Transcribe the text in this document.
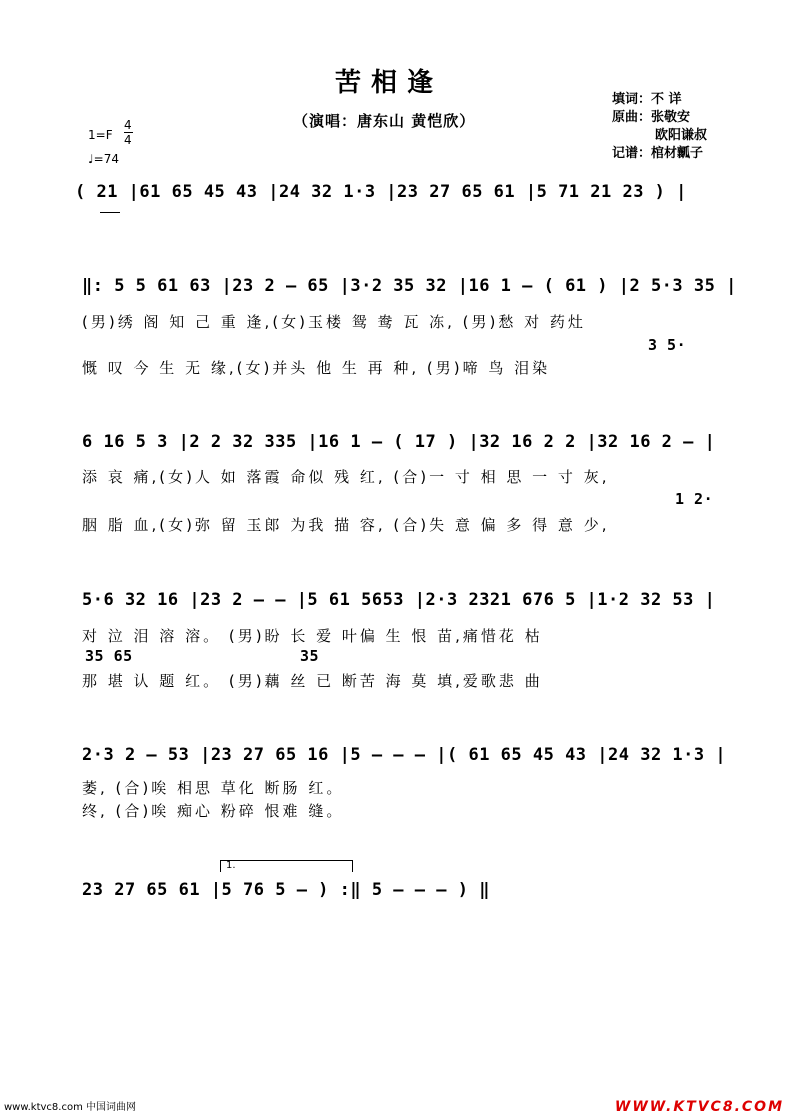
苦相逢
（演唱：唐东山 黄恺欣）
填词：不 详
原曲：张敬安
欧阳谦叔
记谱：棺材瓤子
1=F
4
4
♩=74
( 21 |61 65 45 43 |24 32 1·3 |23 27 65 61 |5 71 21 23 ) |
‖: 5 5 61 63 |23 2 – 65 |3·2 35 32 |16 1 – ( 61 ) |2 5·3 35 |
(男)绣 阁 知 己 重 逢,(女)玉楼 鸳 鸯 瓦 冻, (男)愁 对 药灶
3 5·
慨 叹 今 生 无 缘,(女)并头 他 生 再 种, (男)啼 鸟 泪染
6 16 5 3 |2 2 32 335 |16 1 – ( 17 ) |32 16 2 2 |32 16 2 – |
添 哀 痛,(女)人 如 落霞 命似 残 红, (合)一 寸 相 思 一 寸 灰,
1 2·
胭 脂 血,(女)弥 留 玉郎 为我 描 容, (合)失 意 偏 多 得 意 少,
5·6 32 16 |23 2 – – |5 61 5653 |2·3 2321 676 5 |1·2 32 53 |
对 泣 泪 溶 溶。 (男)盼 长 爱 叶偏 生 恨 苗,痛惜花 枯
35 65	35
那 堪 认 题 红。 (男)藕 丝 已 断苦 海 莫 填,爱歌悲 曲
2·3 2 – 53 |23 27 65 16 |5 – – – |( 61 65 45 43 |24 32 1·3 |
萎, (合)唉 相思 草化 断肠 红。
终, (合)唉 痴心 粉碎 恨难 缝。
1.
23 27 65 61 |5 76 5 – ) :‖ 5 – – – ) ‖
www.ktvc8.com 中国词曲网	WWW.KTVC8.COM
